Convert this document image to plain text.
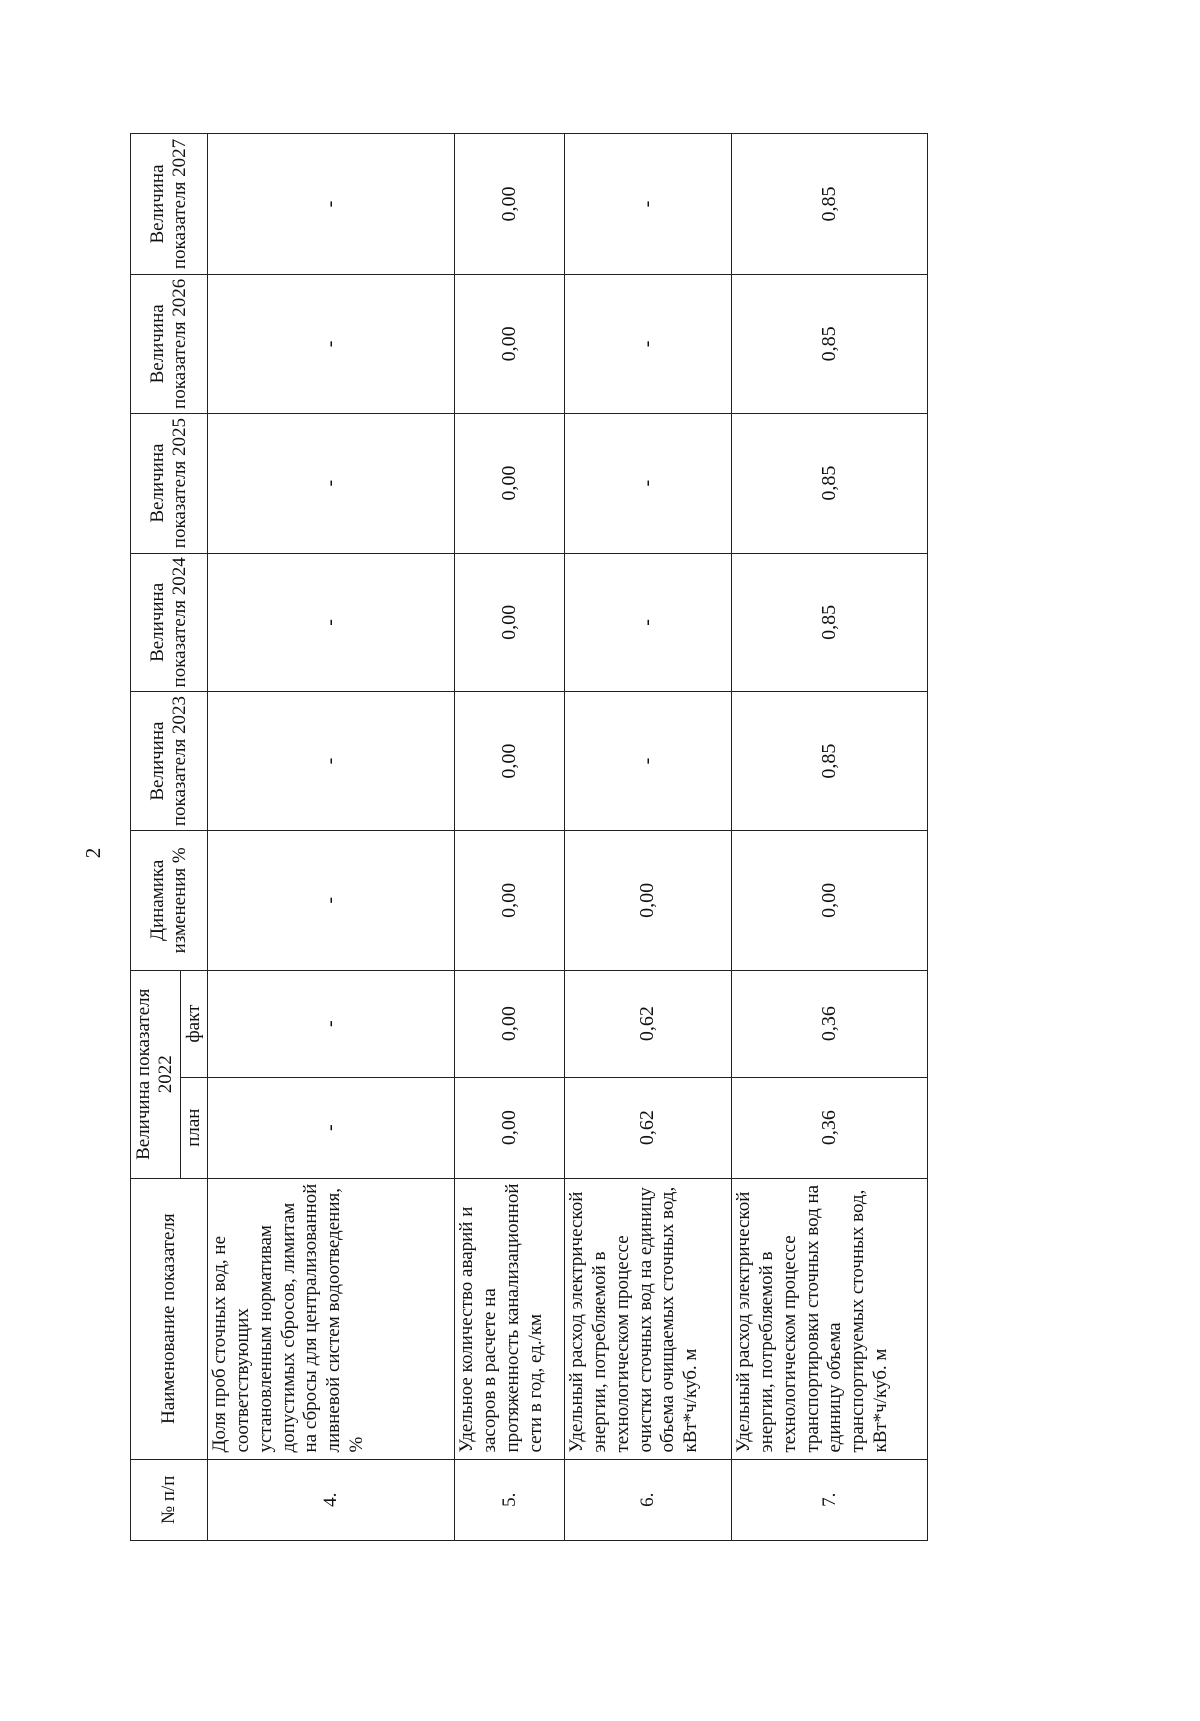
2
№ п/п	Наименование показателя	Величина показателя 2022		Динамика изменения %	Величина показателя 2023	Величина показателя 2024	Величина показателя 2025	Величина показателя 2026	Величина показателя 2027
		план	факт						
4.	Доля проб сточных вод, не соответствующих установленным нормативам допустимых сбросов, лимитам на сбросы для централизованной ливневой систем водоотведения, %	-	-	-	-	-	-	-	-
5.	Удельное количество аварий и засоров в расчете на протяженность канализационной сети в год, ед./км	0,00	0,00	0,00	0,00	0,00	0,00	0,00	0,00
6.	Удельный расход электрической энергии, потребляемой в технологическом процессе очистки сточных вод на единицу объема очищаемых сточных вод, кВт*ч/куб. м	0,62	0,62	0,00	-	-	-	-	-
7.	Удельный расход электрической энергии, потребляемой в технологическом процессе транспортировки сточных вод на единицу объема транспортируемых сточных вод, кВт*ч/куб. м	0,36	0,36	0,00	0,85	0,85	0,85	0,85	0,85
